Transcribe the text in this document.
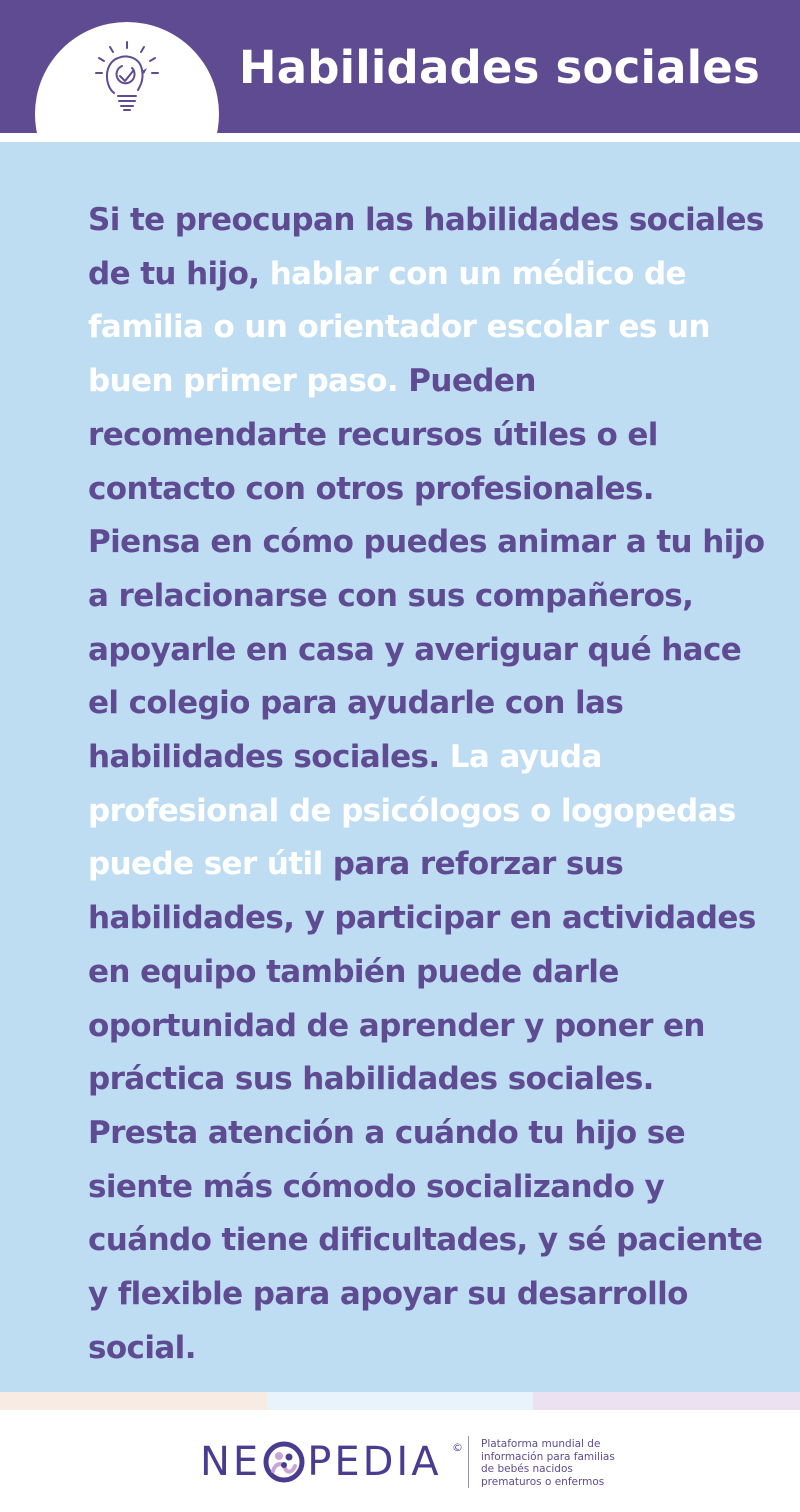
Habilidades sociales
Si te preocupan las habilidades sociales de tu hijo, hablar con un médico de familia o un orientador escolar es un buen primer paso. Pueden recomendarte recursos útiles o el contacto con otros profesionales. Piensa en cómo puedes animar a tu hijo a relacionarse con sus compañeros, apoyarle en casa y averiguar qué hace el colegio para ayudarle con las habilidades sociales. La ayuda profesional de psicólogos o logopedas puede ser útil para reforzar sus habilidades, y participar en actividades en equipo también puede darle oportunidad de aprender y poner en práctica sus habilidades sociales. Presta atención a cuándo tu hijo se siente más cómodo socializando y cuándo tiene dificultades, y sé paciente y flexible para apoyar su desarrollo social.
NE PEDIA © Plataforma mundial de
información para familias
de bebés nacidos
prematuros o enfermos
